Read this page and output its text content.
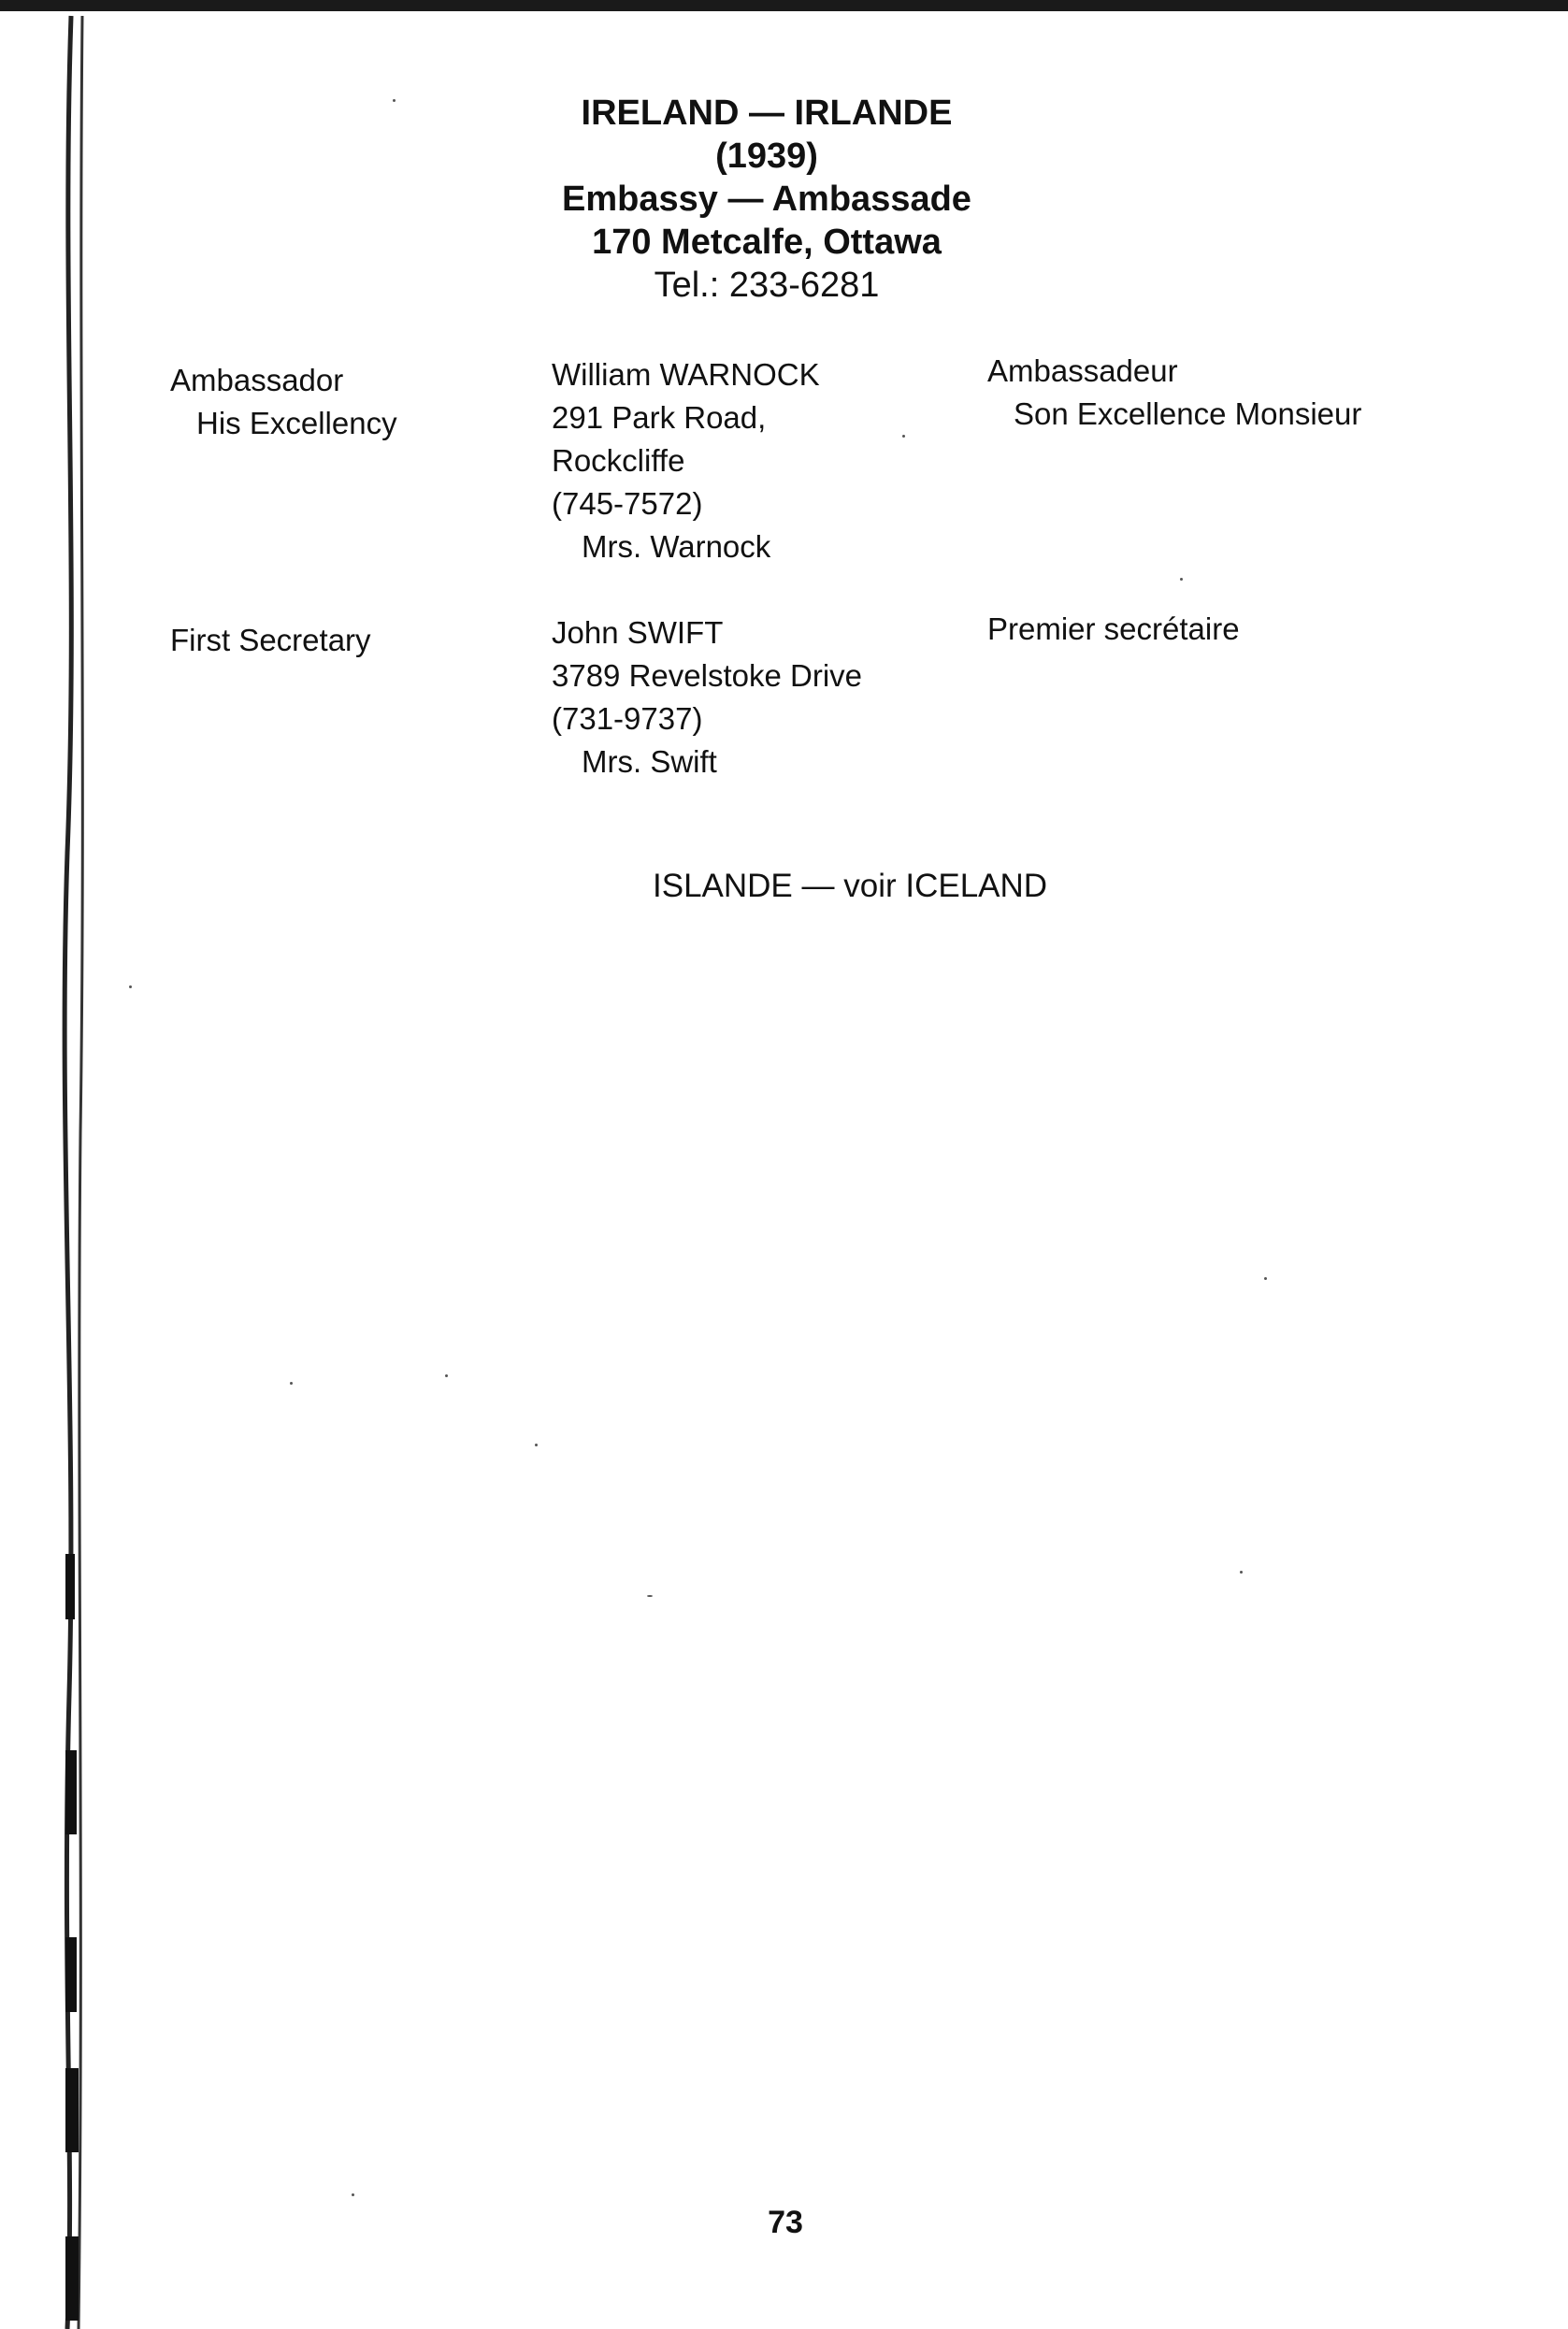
IRELAND — IRLANDE
(1939)
Embassy — Ambassade
170 Metcalfe, Ottawa
Tel.: 233-6281
Ambassador
His Excellency
William WARNOCK
291 Park Road,
Rockcliffe
(745-7572)
Mrs. Warnock
Ambassadeur
Son Excellence Monsieur
First Secretary	John SWIFT
3789 Revelstoke Drive
(731-9737)
Mrs. Swift
Premier secrétaire
ISLANDE — voir ICELAND
73
